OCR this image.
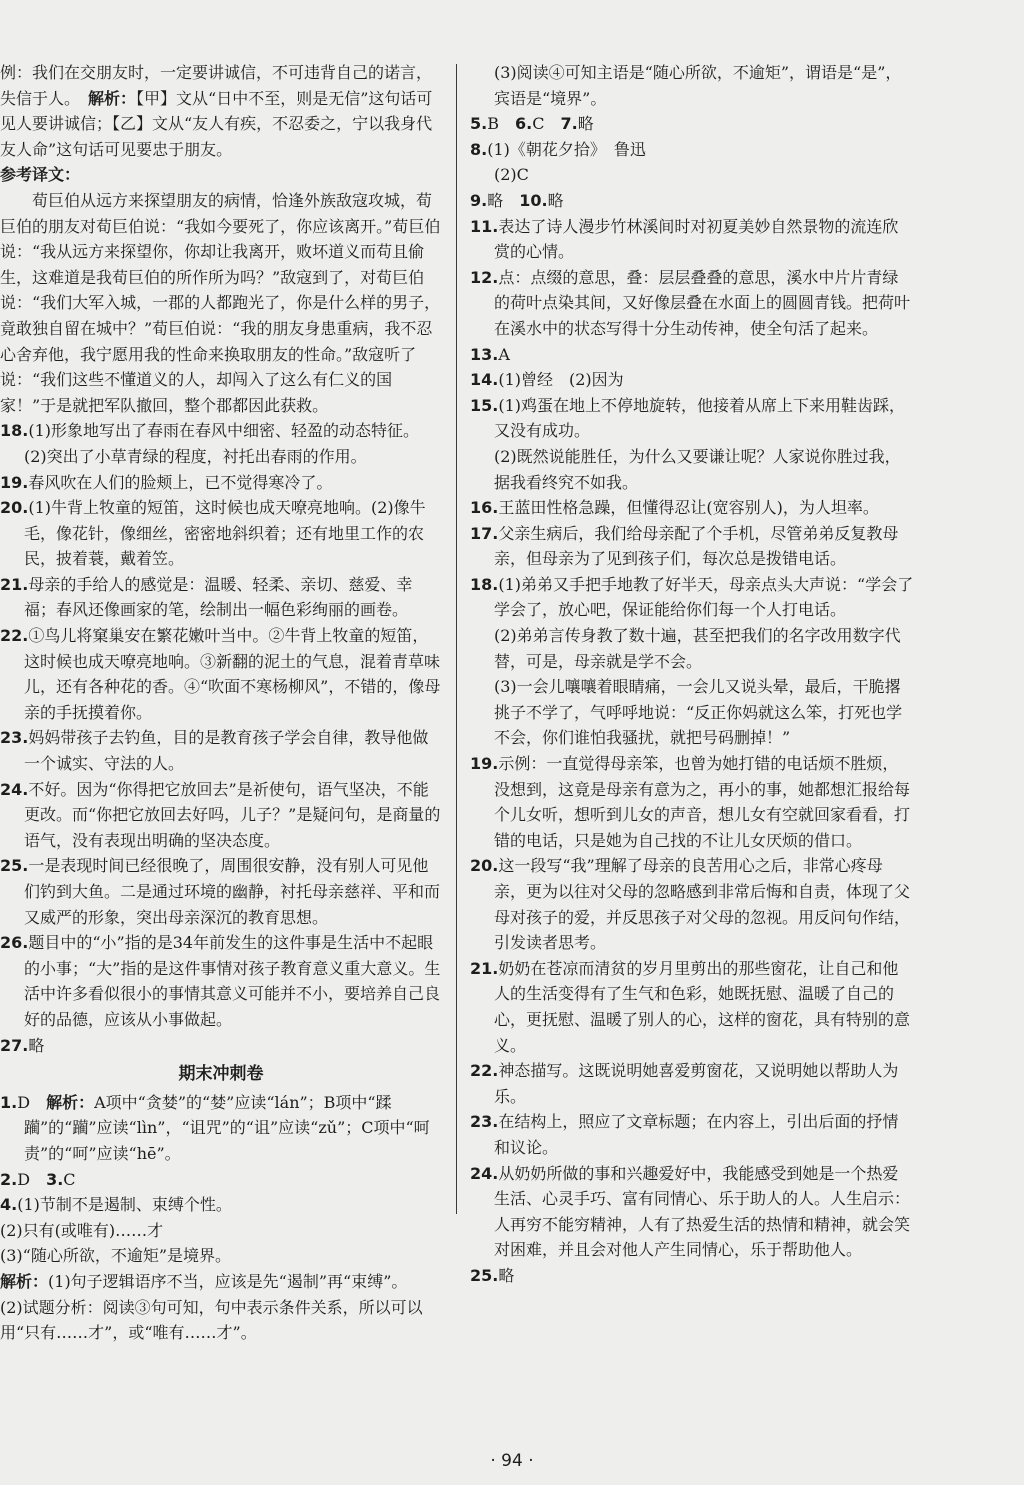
例：我们在交朋友时，一定要讲诚信，不可违背自己的诺言，失信于人。　 解析：【甲】文从“日中不至，则是无信”这句话可见人要讲诚信；【乙】文从“友人有疾，不忍委之，宁以我身代友人命”这句话可见要忠于朋友。

参考译文：

荀巨伯从远方来探望朋友的病情，恰逢外族敌寇攻城，荀巨伯的朋友对荀巨伯说：“我如今要死了，你应该离开。”荀巨伯说：“我从远方来探望你，你却让我离开，败坏道义而苟且偷生，这难道是我荀巨伯的所作所为吗？”敌寇到了，对荀巨伯说：“我们大军入城，一郡的人都跑光了，你是什么样的男子，竟敢独自留在城中？”荀巨伯说：“我的朋友身患重病，我不忍心舍弃他，我宁愿用我的性命来换取朋友的性命。”敌寇听了说：“我们这些不懂道义的人，却闯入了这么有仁义的国家！”于是就把军队撤回，整个郡都因此获救。

18.(1)形象地写出了春雨在春风中细密、轻盈的动态特征。
(2)突出了小草青绿的程度，衬托出春雨的作用。
19.春风吹在人们的脸颊上，已不觉得寒冷了。
20.(1)牛背上牧童的短笛，这时候也成天嘹亮地响。(2)像牛毛，像花针，像细丝，密密地斜织着；还有地里工作的农民，披着蓑，戴着笠。
21.母亲的手给人的感觉是：温暖、轻柔、亲切、慈爱、幸福；春风还像画家的笔，绘制出一幅色彩绚丽的画卷。
22.①鸟儿将窠巢安在繁花嫩叶当中。②牛背上牧童的短笛，这时候也成天嘹亮地响。③新翻的泥土的气息，混着青草味儿，还有各种花的香。④“吹面不寒杨柳风”，不错的，像母亲的手抚摸着你。
23.妈妈带孩子去钓鱼，目的是教育孩子学会自律，教导他做一个诚实、守法的人。
24.不好。因为“你得把它放回去”是祈使句，语气坚决，不能更改。而“你把它放回去好吗，儿子？”是疑问句，是商量的语气，没有表现出明确的坚决态度。
25.一是表现时间已经很晚了，周围很安静，没有别人可见他们钓到大鱼。二是通过环境的幽静，衬托母亲慈祥、平和而又威严的形象，突出母亲深沉的教育思想。
26.题目中的“小”指的是34年前发生的这件事是生活中不起眼的小事；“大”指的是这件事情对孩子教育意义重大意义。生活中许多看似很小的事情其意义可能并不小，要培养自己良好的品德，应该从小事做起。
27.略
期末冲刺卷
1.D　 解析：A项中“贪婪”的“婪”应读“lán”；B项中“蹂躏”的“躏”应读“lìn”，“诅咒”的“诅”应读“zǔ”；C项中“呵责”的“呵”应读“hē”。
2.D　 3.C
4.(1)节制不是遏制、束缚个性。
(2)只有(或唯有)……才
(3)“随心所欲，不逾矩”是境界。
解析：(1)句子逻辑语序不当，应该是先“遏制”再“束缚”。
(2)试题分析：阅读③句可知，句中表示条件关系，所以可以用“只有……才”，或“唯有……才”。
(3)阅读④可知主语是“随心所欲，不逾矩”，谓语是“是”，宾语是“境界”。
5.B　 6.C　 7.略
8.(1)《朝花夕拾》　鲁迅
(2)C
9.略　 10.略
11.表达了诗人漫步竹林溪间时对初夏美妙自然景物的流连欣赏的心情。
12.点：点缀的意思，叠：层层叠叠的意思，溪水中片片青绿的荷叶点染其间，又好像层叠在水面上的圆圆青钱。把荷叶在溪水中的状态写得十分生动传神，使全句活了起来。
13.A
14.(1)曾经　(2)因为
15.(1)鸡蛋在地上不停地旋转，他接着从席上下来用鞋齿踩，又没有成功。
(2)既然说能胜任，为什么又要谦让呢？人家说你胜过我，据我看终究不如我。
16.王蓝田性格急躁，但懂得忍让(宽容别人)，为人坦率。
17.父亲生病后，我们给母亲配了个手机，尽管弟弟反复教母亲，但母亲为了见到孩子们，每次总是拨错电话。
18.(1)弟弟又手把手地教了好半天，母亲点头大声说：“学会了学会了，放心吧，保证能给你们每一个人打电话。
(2)弟弟言传身教了数十遍，甚至把我们的名字改用数字代替，可是，母亲就是学不会。
(3)一会儿嚷嚷着眼睛痛，一会儿又说头晕，最后，干脆撂挑子不学了，气呼呼地说：“反正你妈就这么笨，打死也学不会，你们谁怕我骚扰，就把号码删掉！”
19.示例：一直觉得母亲笨，也曾为她打错的电话烦不胜烦，没想到，这竟是母亲有意为之，再小的事，她都想汇报给每个儿女听，想听到儿女的声音，想儿女有空就回家看看，打错的电话，只是她为自己找的不让儿女厌烦的借口。
20.这一段写“我”理解了母亲的良苦用心之后，非常心疼母亲，更为以往对父母的忽略感到非常后悔和自责，体现了父母对孩子的爱，并反思孩子对父母的忽视。用反问句作结，引发读者思考。
21.奶奶在苍凉而清贫的岁月里剪出的那些窗花，让自己和他人的生活变得有了生气和色彩，她既抚慰、温暖了自己的心，更抚慰、温暖了别人的心，这样的窗花，具有特别的意义。
22.神态描写。这既说明她喜爱剪窗花，又说明她以帮助人为乐。
23.在结构上，照应了文章标题；在内容上，引出后面的抒情和议论。
24.从奶奶所做的事和兴趣爱好中，我能感受到她是一个热爱生活、心灵手巧、富有同情心、乐于助人的人。人生启示：人再穷不能穷精神，人有了热爱生活的热情和精神，就会笑对困难，并且会对他人产生同情心，乐于帮助他人。
25.略
· 94 ·
